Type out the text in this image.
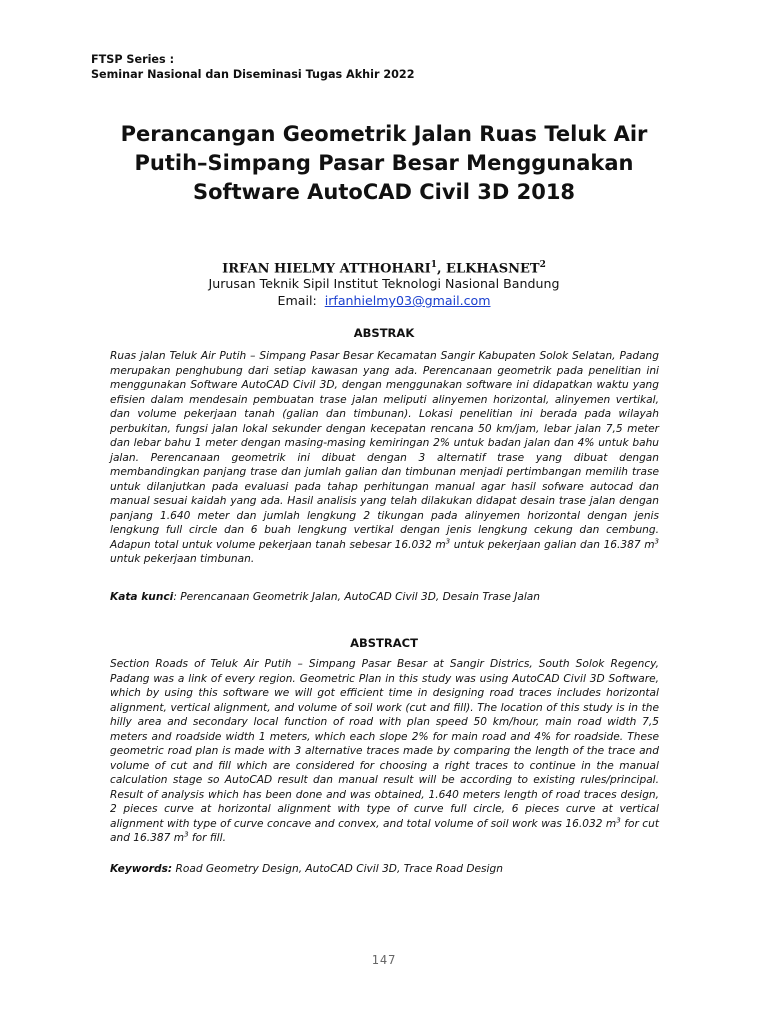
FTSP Series :
Seminar Nasional dan Diseminasi Tugas Akhir 2022
Perancangan Geometrik Jalan Ruas Teluk Air Putih–Simpang Pasar Besar Menggunakan Software AutoCAD Civil 3D 2018
IRFAN HIELMY ATTHOHARI$^1$, ELKHASNET$^2$
Jurusan Teknik Sipil Institut Teknologi Nasional Bandung
Email: irfanhielmy03@gmail.com
ABSTRAK

Ruas jalan Teluk Air Putih – Simpang Pasar Besar Kecamatan Sangir Kabupaten Solok Selatan, Padang merupakan penghubung dari setiap kawasan yang ada. Perencanaan geometrik pada penelitian ini menggunakan Software AutoCAD Civil 3D, dengan menggunakan software ini didapatkan waktu yang efisien dalam mendesain pembuatan trase jalan meliputi alinyemen horizontal, alinyemen vertikal, dan volume pekerjaan tanah (galian dan timbunan). Lokasi penelitian ini berada pada wilayah perbukitan, fungsi jalan lokal sekunder dengan kecepatan rencana 50 km/jam, lebar jalan 7,5 meter dan lebar bahu 1 meter dengan masing-masing kemiringan 2% untuk badan jalan dan 4% untuk bahu jalan. Perencanaan geometrik ini dibuat dengan 3 alternatif trase yang dibuat dengan membandingkan panjang trase dan jumlah galian dan timbunan menjadi pertimbangan memilih trase untuk dilanjutkan pada evaluasi pada tahap perhitungan manual agar hasil sofware autocad dan manual sesuai kaidah yang ada. Hasil analisis yang telah dilakukan didapat desain trase jalan dengan panjang 1.640 meter dan jumlah lengkung 2 tikungan pada alinyemen horizontal dengan jenis lengkung full circle dan 6 buah lengkung vertikal dengan jenis lengkung cekung dan cembung. Adapun total untuk volume pekerjaan tanah sebesar 16.032 $m^3$ untuk pekerjaan galian dan 16.387 $m^3$ untuk pekerjaan timbunan.

Kata kunci: Perencanaan Geometrik Jalan, AutoCAD Civil 3D, Desain Trase Jalan
ABSTRACT

Section Roads of Teluk Air Putih – Simpang Pasar Besar at Sangir Districs, South Solok Regency, Padang was a link of every region. Geometric Plan in this study was using AutoCAD Civil 3D Software, which by using this software we will got efficient time in designing road traces includes horizontal alignment, vertical alignment, and volume of soil work (cut and fill). The location of this study is in the hilly area and secondary local function of road with plan speed 50 km/hour, main road width 7,5 meters and roadside width 1 meters, which each slope 2% for main road and 4% for roadside. These geometric road plan is made with 3 alternative traces made by comparing the length of the trace and volume of cut and fill which are considered for choosing a right traces to continue in the manual calculation stage so AutoCAD result dan manual result will be according to existing rules/principal. Result of analysis which has been done and was obtained, 1.640 meters length of road traces design, 2 pieces curve at horizontal alignment with type of curve full circle, 6 pieces curve at vertical alignment with type of curve concave and convex, and total volume of soil work was 16.032 $m^3$ for cut and 16.387 $m^3$ for fill.

Keywords: Road Geometry Design, AutoCAD Civil 3D, Trace Road Design
147
